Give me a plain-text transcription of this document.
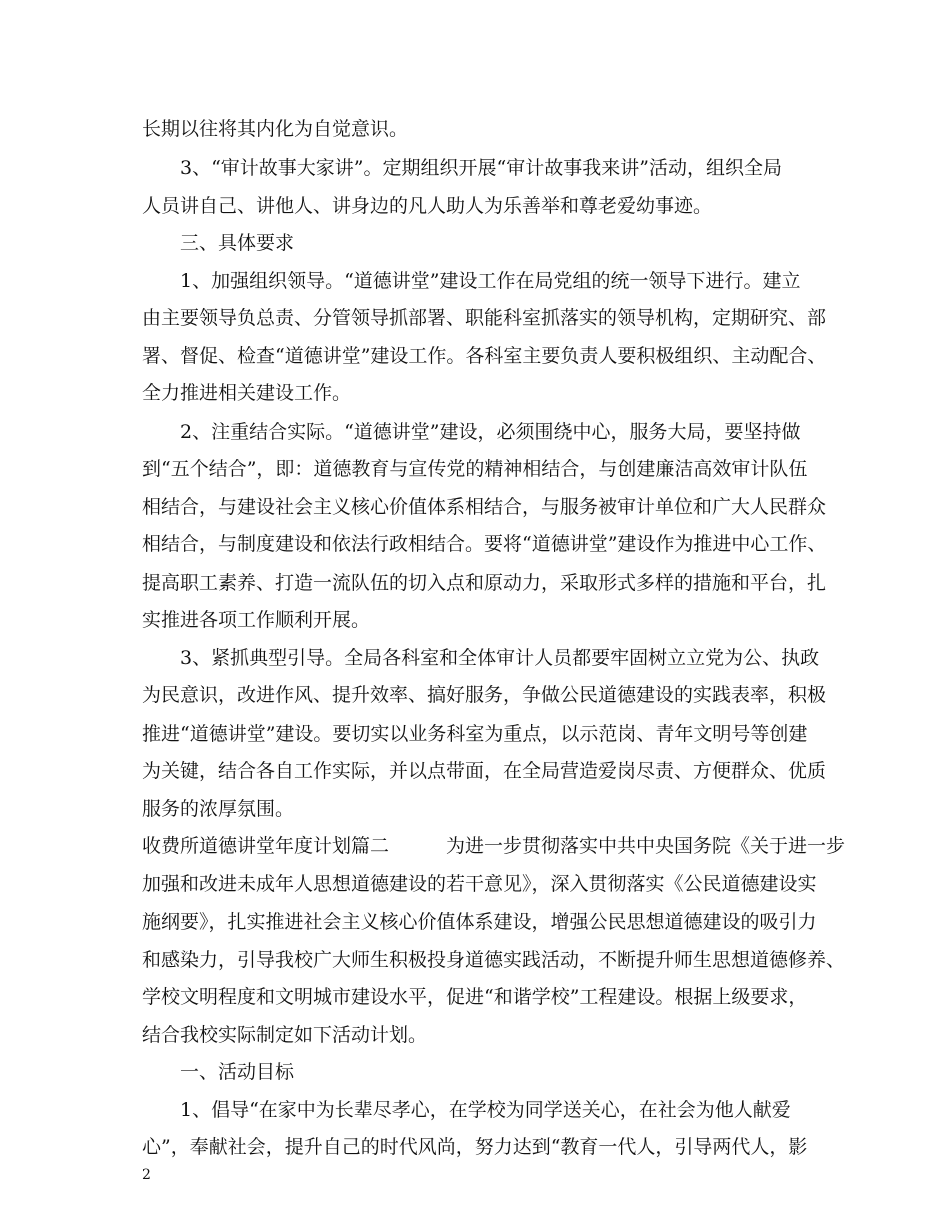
长期以往将其内化为自觉意识。
　　3、“审计故事大家讲”。定期组织开展“审计故事我来讲”活动，组织全局
人员讲自己、讲他人、讲身边的凡人助人为乐善举和尊老爱幼事迹。
　　三、具体要求
　　1、加强组织领导。“道德讲堂”建设工作在局党组的统一领导下进行。建立
由主要领导负总责、分管领导抓部署、职能科室抓落实的领导机构，定期研究、部
署、督促、检查“道德讲堂”建设工作。各科室主要负责人要积极组织、主动配合、
全力推进相关建设工作。
　　2、注重结合实际。“道德讲堂”建设，必须围绕中心，服务大局，要坚持做
到“五个结合”，即：道德教育与宣传党的精神相结合，与创建廉洁高效审计队伍
相结合，与建设社会主义核心价值体系相结合，与服务被审计单位和广大人民群众
相结合，与制度建设和依法行政相结合。要将“道德讲堂”建设作为推进中心工作、
提高职工素养、打造一流队伍的切入点和原动力，采取形式多样的措施和平台，扎
实推进各项工作顺利开展。
　　3、紧抓典型引导。全局各科室和全体审计人员都要牢固树立立党为公、执政
为民意识，改进作风、提升效率、搞好服务，争做公民道德建设的实践表率，积极
推进“道德讲堂”建设。要切实以业务科室为重点，以示范岗、青年文明号等创建
为关键，结合各自工作实际，并以点带面，在全局营造爱岗尽责、方便群众、优质
服务的浓厚氛围。
收费所道德讲堂年度计划篇二　　　为进一步贯彻落实中共中央国务院《关于进一步
加强和改进未成年人思想道德建设的若干意见》，深入贯彻落实《公民道德建设实
施纲要》，扎实推进社会主义核心价值体系建设，增强公民思想道德建设的吸引力
和感染力，引导我校广大师生积极投身道德实践活动，不断提升师生思想道德修养、
学校文明程度和文明城市建设水平，促进“和谐学校”工程建设。根据上级要求，
结合我校实际制定如下活动计划。
　　一、活动目标
　　1、倡导“在家中为长辈尽孝心，在学校为同学送关心，在社会为他人献爱
心”，奉献社会，提升自己的时代风尚，努力达到“教育一代人，引导两代人，影
2
